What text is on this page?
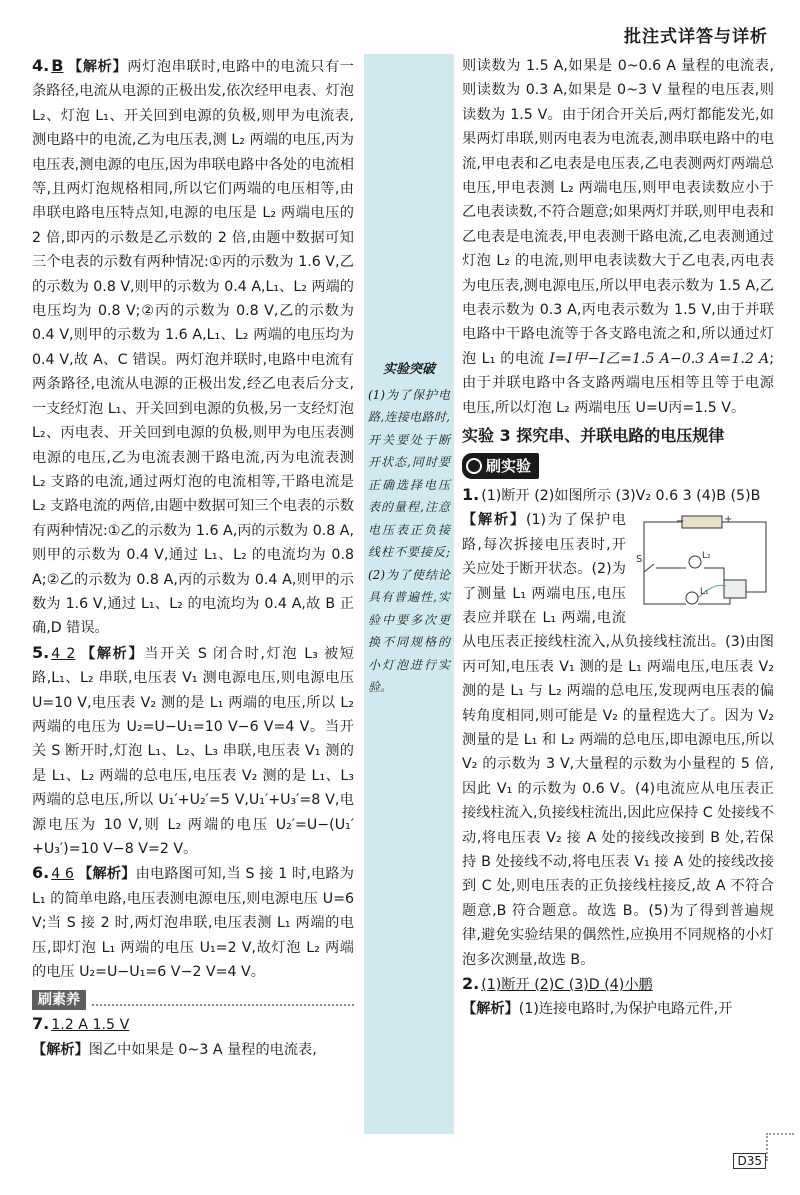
批注式详答与详析

4. B 【解析】两灯泡串联时,电路中的电流只有一条路径,电流从电源的正极出发,依次经甲电表、灯泡 L₂、灯泡 L₁、开关回到电源的负极,则甲为电流表,测电路中的电流,乙为电压表,测 L₂ 两端的电压,丙为电压表,测电源的电压,因为串联电路中各处的电流相等,且两灯泡规格相同,所以它们两端的电压相等,由串联电路电压特点知,电源的电压是 L₂ 两端电压的 2 倍,即丙的示数是乙示数的 2 倍,由题中数据可知三个电表的示数有两种情况:①丙的示数为 1.6 V,乙的示数为 0.8 V,则甲的示数为 0.4 A,L₁、L₂ 两端的电压均为 0.8 V;②丙的示数为 0.8 V,乙的示数为 0.4 V,则甲的示数为 1.6 A,L₁、L₂ 两端的电压均为 0.4 V,故 A、C 错误。两灯泡并联时,电路中电流有两条路径,电流从电源的正极出发,经乙电表后分支,一支经灯泡 L₁、开关回到电源的负极,另一支经灯泡 L₂、丙电表、开关回到电源的负极,则甲为电压表测电源的电压,乙为电流表测干路电流,丙为电流表测 L₂ 支路的电流,通过两灯泡的电流相等,干路电流是 L₂ 支路电流的两倍,由题中数据可知三个电表的示数有两种情况:①乙的示数为 1.6 A,丙的示数为 0.8 A,则甲的示数为 0.4 V,通过 L₁、L₂ 的电流均为 0.8 A;②乙的示数为 0.8 A,丙的示数为 0.4 A,则甲的示数为 1.6 V,通过 L₁、L₂ 的电流均为 0.4 A,故 B 正确,D 错误。

5. 4 2 【解析】当开关 S 闭合时,灯泡 L₃ 被短路,L₁、L₂ 串联,电压表 V₁ 测电源电压,则电源电压 U=10 V,电压表 V₂ 测的是 L₁ 两端的电压,所以 L₂ 两端的电压为 U₂=U−U₁=10 V−6 V=4 V。当开关 S 断开时,灯泡 L₁、L₂、L₃ 串联,电压表 V₁ 测的是 L₁、L₂ 两端的总电压,电压表 V₂ 测的是 L₁、L₃ 两端的总电压,所以 U₁′+U₂′=5 V,U₁′+U₃′=8 V,电源电压为 10 V,则 L₂ 两端的电压 U₂′=U−(U₁′+U₃′)=10 V−8 V=2 V。

6. 4 6 【解析】由电路图可知,当 S 接 1 时,电路为 L₁ 的简单电路,电压表测电源电压,则电源电压 U=6 V;当 S 接 2 时,两灯泡串联,电压表测 L₁ 两端的电压,即灯泡 L₁ 两端的电压 U₁=2 V,故灯泡 L₂ 两端的电压 U₂=U−U₁=6 V−2 V=4 V。

刷素养

7. 1.2 A 1.5 V
【解析】图乙中如果是 0~3 A 量程的电流表,

实验突破
(1)为了保护电路,连接电路时,开关要处于断开状态,同时要正确选择电压表的量程,注意电压表正负接线柱不要接反;(2)为了使结论具有普遍性,实验中要多次更换不同规格的小灯泡进行实验。

则读数为 1.5 A,如果是 0~0.6 A 量程的电流表,则读数为 0.3 A,如果是 0~3 V 量程的电压表,则读数为 1.5 V。由于闭合开关后,两灯都能发光,如果两灯串联,则丙电表为电流表,测串联电路中的电流,甲电表和乙电表是电压表,乙电表测两灯两端总电压,甲电表测 L₂ 两端电压,则甲电表读数应小于乙电表读数,不符合题意;如果两灯并联,则甲电表和乙电表是电流表,甲电表测干路电流,乙电表测通过灯泡 L₂ 的电流,则甲电表读数大于乙电表,丙电表为电压表,测电源电压,所以甲电表示数为 1.5 A,乙电表示数为 0.3 A,丙电表示数为 1.5 V,由于并联电路中干路电流等于各支路电流之和,所以通过灯泡 L₁ 的电流 I=I甲−I乙=1.5 A−0.3 A=1.2 A;由于并联电路中各支路两端电压相等且等于电源电压,所以灯泡 L₂ 两端电压 U=U丙=1.5 V。

实验 3 探究串、并联电路的电压规律
刷实验

1. (1)断开 (2)如图所示 (3)V₂ 0.6 3 (4)B (5)B

−	+
S	L₂
L₁
【解析】(1)为了保护电路,每次拆接电压表时,开关应处于断开状态。(2)为了测量 L₁ 两端电压,电压表应并联在 L₁ 两端,电流从电压表正接线柱流入,从负接线柱流出。(3)由图丙可知,电压表 V₁ 测的是 L₁ 两端电压,电压表 V₂ 测的是 L₁ 与 L₂ 两端的总电压,发现两电压表的偏转角度相同,则可能是 V₂ 的量程选大了。因为 V₂ 测量的是 L₁ 和 L₂ 两端的总电压,即电源电压,所以 V₂ 的示数为 3 V,大量程的示数为小量程的 5 倍,因此 V₁ 的示数为 0.6 V。(4)电流应从电压表正接线柱流入,负接线柱流出,因此应保持 C 处接线不动,将电压表 V₂ 接 A 处的接线改接到 B 处,若保持 B 处接线不动,将电压表 V₁ 接 A 处的接线改接到 C 处,则电压表的正负接线柱接反,故 A 不符合题意,B 符合题意。故选 B。(5)为了得到普遍规律,避免实验结果的偶然性,应换用不同规格的小灯泡多次测量,故选 B。

2. (1)断开 (2)C (3)D (4)小鹏
【解析】(1)连接电路时,为保护电路元件,开

D35
